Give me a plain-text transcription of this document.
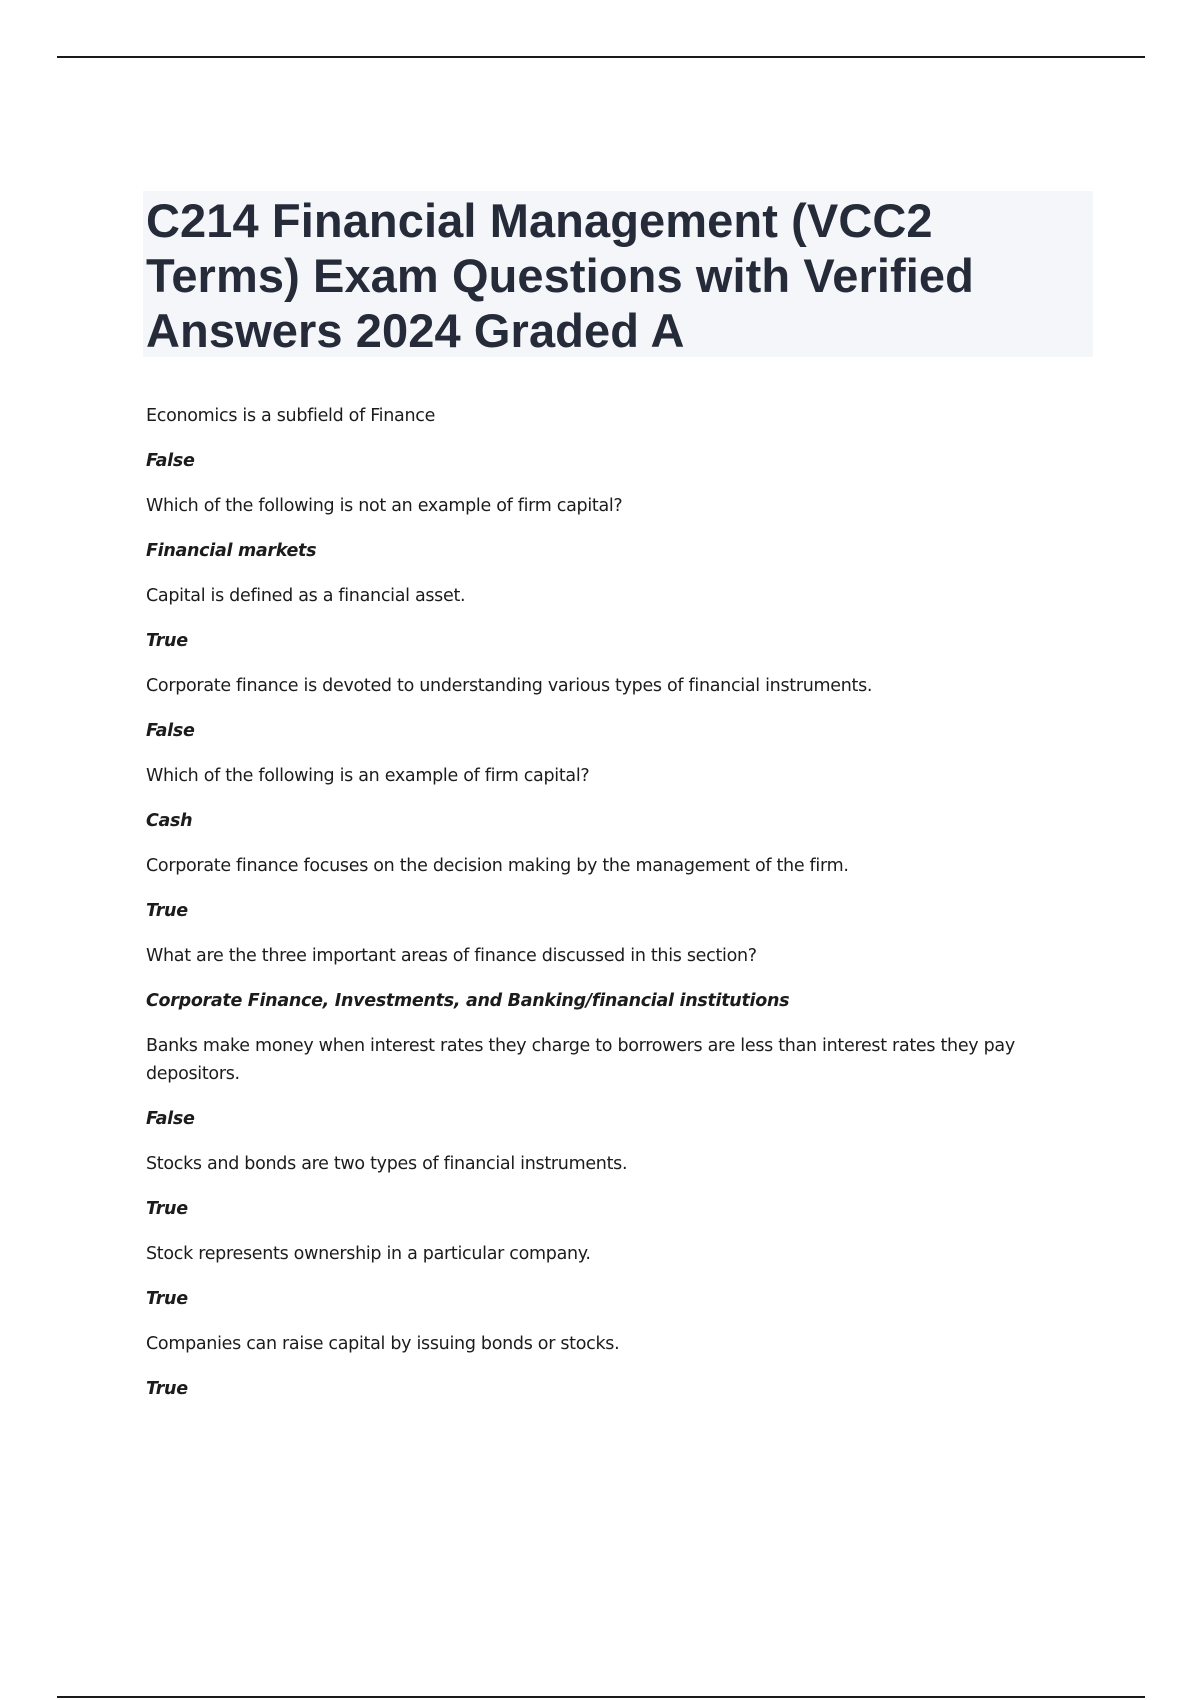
C214 Financial Management (VCC2 Terms) Exam Questions with Verified Answers 2024 Graded A

Economics is a subfield of Finance

False

Which of the following is not an example of firm capital?

Financial markets

Capital is defined as a financial asset.

True

Corporate finance is devoted to understanding various types of financial instruments.

False

Which of the following is an example of firm capital?

Cash

Corporate finance focuses on the decision making by the management of the firm.

True

What are the three important areas of finance discussed in this section?

Corporate Finance, Investments, and Banking/financial institutions

Banks make money when interest rates they charge to borrowers are less than interest rates they pay depositors.

False

Stocks and bonds are two types of financial instruments.

True

Stock represents ownership in a particular company.

True

Companies can raise capital by issuing bonds or stocks.

True
